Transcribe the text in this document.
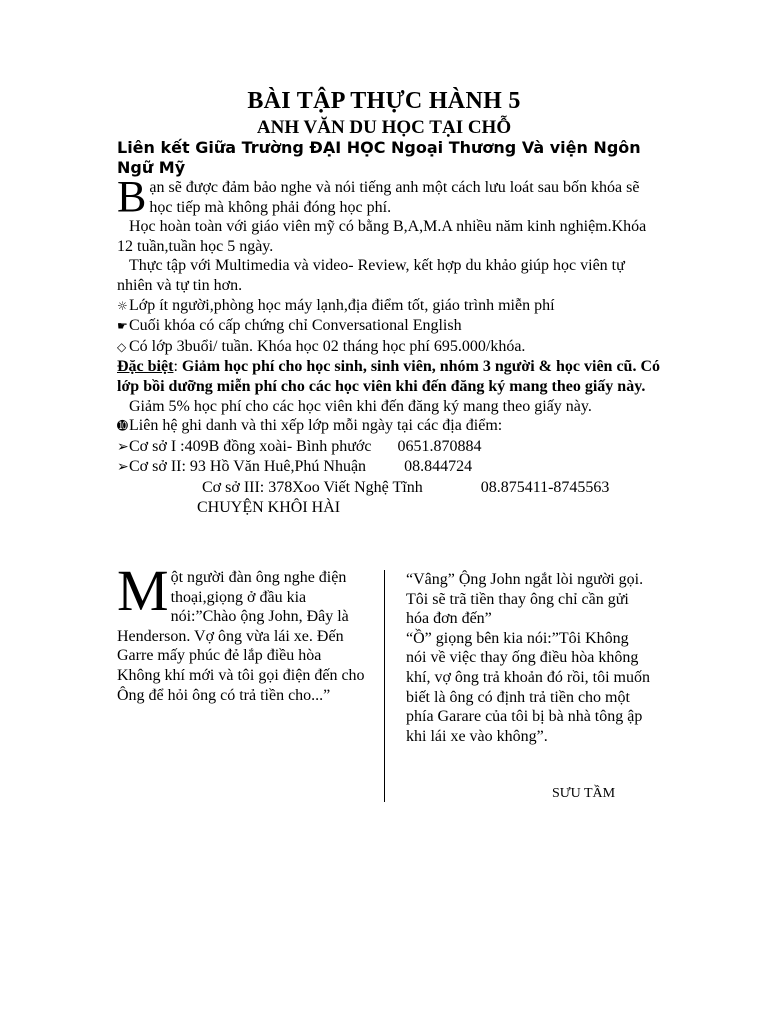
BÀI TẬP THỰC HÀNH 5
ANH VĂN DU HỌC TẠI CHỖ
Liên kết Giữa Trường ĐẠI HỌC Ngoại Thương Và viện Ngôn Ngữ Mỹ
B ạn sẽ được đảm bảo nghe và nói tiếng anh một cách lưu loát sau bốn khóa sẽ học tiếp mà không phải đóng học phí.

Học hoàn toàn với giáo viên mỹ có bằng B,A,M.A nhiều năm kinh nghiệm.Khóa 12 tuần,tuần học 5 ngày.

Thực tập với Multimedia và video- Review, kết hợp du khảo giúp học viên tự nhiên và tự tin hơn.

☼Lớp ít người,phòng học máy lạnh,địa điểm tốt, giáo trình miễn phí

☛Cuối khóa có cấp chứng chỉ Conversational English

◇ Có lớp 3buổi/ tuần. Khóa học 02 tháng học phí 695.000/khóa.

Đặc biệt: Giảm học phí cho học sinh, sinh viên, nhóm 3 người & học viên cũ. Có lớp bồi dưỡng miễn phí cho các học viên khi đến đăng ký mang theo giấy này.

Giảm 5% học phí cho các học viên khi đến đăng ký mang theo giấy này.

➓Liên hệ ghi danh và thi xếp lớp mỗi ngày tại các địa điểm:

➢Cơ sở I :409B đồng xoài- Bình phước 0651.870884

➢Cơ sở II: 93 Hồ Văn Huê,Phú Nhuận 08.844724

Cơ sở III: 378Xoo Viết Nghệ Tĩnh	08.875411-8745563

CHUYỆN KHÔI HÀI

M ột người đàn ông nghe điện thoại,giọng ở đầu kia nói:”Chào ộng John, Đây là Henderson. Vợ ông vừa lái xe. Đến Garre mấy phúc đẻ lắp điều hòa
Không khí mới và tôi gọi điện đến cho Ông để hỏi ông có trả tiền cho...”
“Vâng” Ộng John ngắt lòi người gọi. Tôi sẽ trã tiền thay ông chỉ cần gửi hóa đơn đến”
“Ồ” giọng bên kia nói:”Tôi Không nói về việc thay ống điều hòa không khí, vợ ông trả khoản đó rồi, tôi muốn biết là ông có định trả tiền cho một phía Garare của tôi bị bà nhà tông ập khi lái xe vào không”.
SƯU TẦM
